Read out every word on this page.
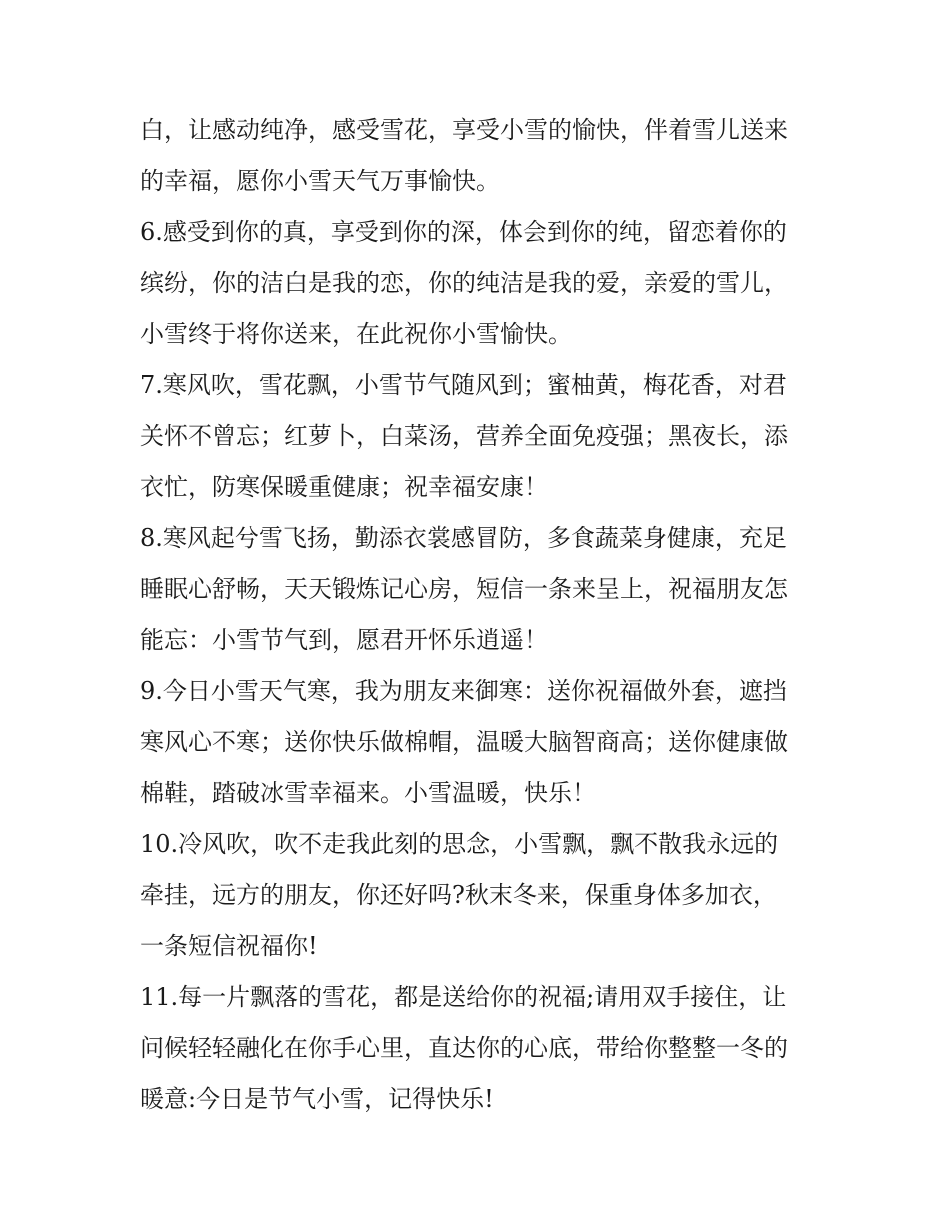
白，让感动纯净，感受雪花，享受小雪的愉快，伴着雪儿送来
的幸福，愿你小雪天气万事愉快。
6.感受到你的真，享受到你的深，体会到你的纯，留恋着你的
缤纷，你的洁白是我的恋，你的纯洁是我的爱，亲爱的雪儿，
小雪终于将你送来，在此祝你小雪愉快。
7.寒风吹，雪花飘，小雪节气随风到；蜜柚黄，梅花香，对君
关怀不曾忘；红萝卜，白菜汤，营养全面免疫强；黑夜长，添
衣忙，防寒保暖重健康；祝幸福安康！
8.寒风起兮雪飞扬，勤添衣裳感冒防，多食蔬菜身健康，充足
睡眠心舒畅，天天锻炼记心房，短信一条来呈上，祝福朋友怎
能忘：小雪节气到，愿君开怀乐逍遥！
9.今日小雪天气寒，我为朋友来御寒：送你祝福做外套，遮挡
寒风心不寒；送你快乐做棉帽，温暖大脑智商高；送你健康做
棉鞋，踏破冰雪幸福来。小雪温暖，快乐！
10.冷风吹，吹不走我此刻的思念，小雪飘，飘不散我永远的
牵挂，远方的朋友，你还好吗?秋末冬来，保重身体多加衣，
一条短信祝福你!
11.每一片飘落的雪花，都是送给你的祝福;请用双手接住，让
问候轻轻融化在你手心里，直达你的心底，带给你整整一冬的
暖意:今日是节气小雪，记得快乐!
